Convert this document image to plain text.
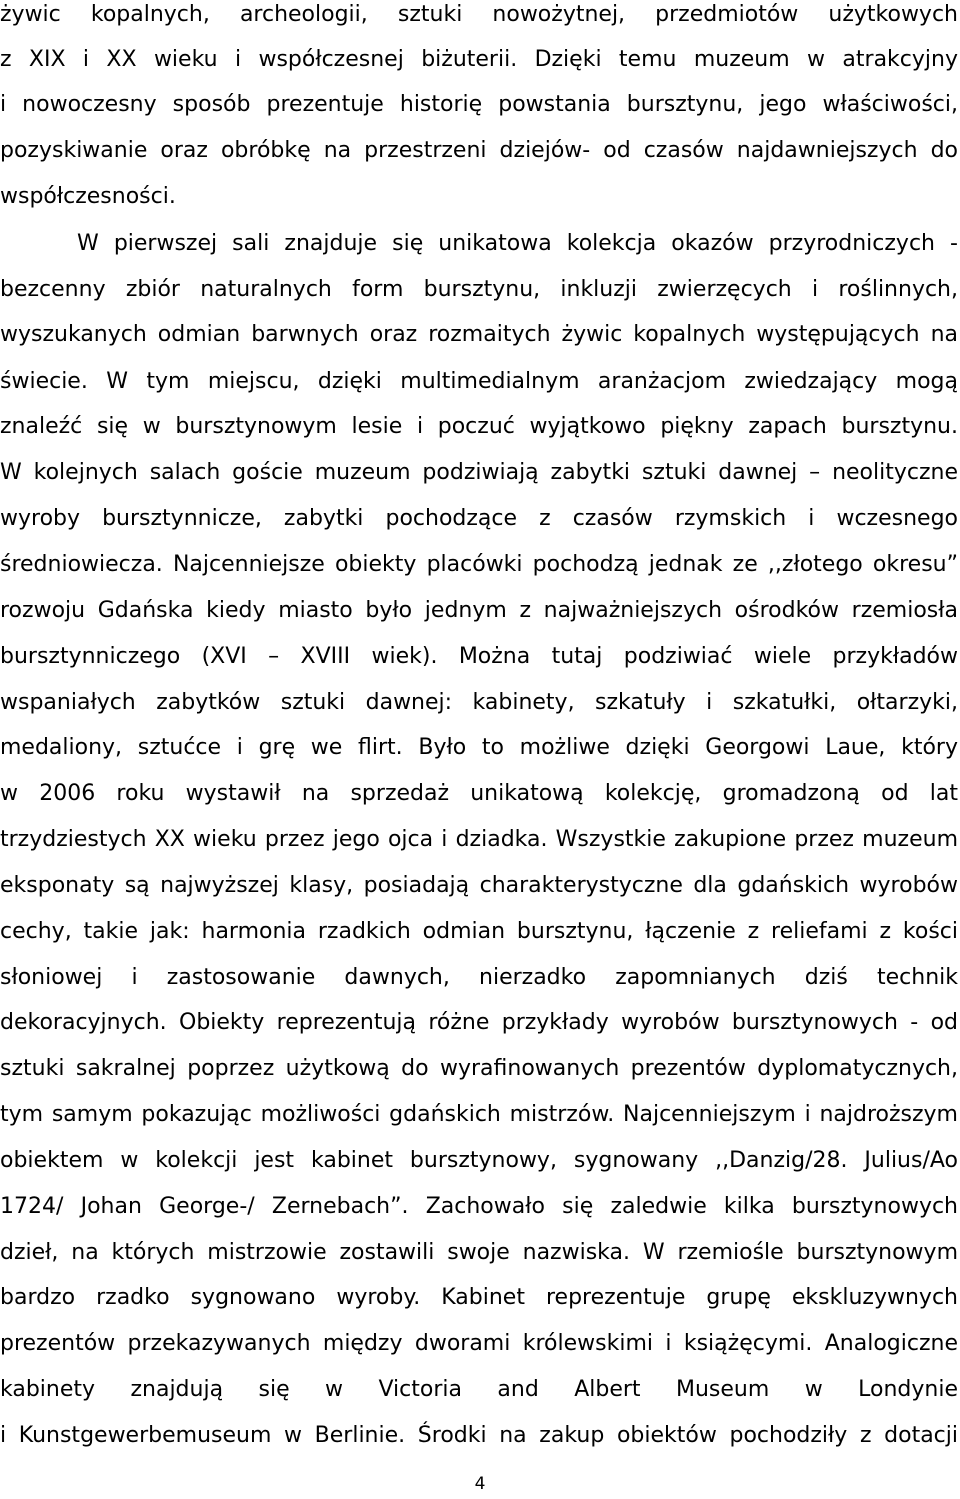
żywic kopalnych, archeologii, sztuki nowożytnej, przedmiotów użytkowych
z XIX i XX wieku i współczesnej biżuterii. Dzięki temu muzeum w atrakcyjny
i nowoczesny sposób prezentuje historię powstania bursztynu, jego właściwości,
pozyskiwanie oraz obróbkę na przestrzeni dziejów- od czasów najdawniejszych do
współczesności.
W pierwszej sali znajduje się unikatowa kolekcja okazów przyrodniczych -
bezcenny zbiór naturalnych form bursztynu, inkluzji zwierzęcych i roślinnych,
wyszukanych odmian barwnych oraz rozmaitych żywic kopalnych występujących na
świecie. W tym miejscu, dzięki multimedialnym aranżacjom zwiedzający mogą
znaleźć się w bursztynowym lesie i poczuć wyjątkowo piękny zapach bursztynu.
W kolejnych salach goście muzeum podziwiają zabytki sztuki dawnej – neolityczne
wyroby bursztynnicze, zabytki pochodzące z czasów rzymskich i wczesnego
średniowiecza. Najcenniejsze obiekty placówki pochodzą jednak ze ,,złotego okresu”
rozwoju Gdańska kiedy miasto było jednym z najważniejszych ośrodków rzemiosła
bursztynniczego (XVI – XVIII wiek). Można tutaj podziwiać wiele przykładów
wspaniałych zabytków sztuki dawnej: kabinety, szkatuły i szkatułki, ołtarzyki,
medaliony, sztućce i grę we flirt. Było to możliwe dzięki Georgowi Laue, który
w 2006 roku wystawił na sprzedaż unikatową kolekcję, gromadzoną od lat
trzydziestych XX wieku przez jego ojca i dziadka. Wszystkie zakupione przez muzeum
eksponaty są najwyższej klasy, posiadają charakterystyczne dla gdańskich wyrobów
cechy, takie jak: harmonia rzadkich odmian bursztynu, łączenie z reliefami z kości
słoniowej i zastosowanie dawnych, nierzadko zapomnianych dziś technik
dekoracyjnych. Obiekty reprezentują różne przykłady wyrobów bursztynowych - od
sztuki sakralnej poprzez użytkową do wyrafinowanych prezentów dyplomatycznych,
tym samym pokazując możliwości gdańskich mistrzów. Najcenniejszym i najdroższym
obiektem w kolekcji jest kabinet bursztynowy, sygnowany ,,Danzig/28. Julius/Ao
1724/ Johan George-/ Zernebach”. Zachowało się zaledwie kilka bursztynowych
dzieł, na których mistrzowie zostawili swoje nazwiska. W rzemiośle bursztynowym
bardzo rzadko sygnowano wyroby. Kabinet reprezentuje grupę ekskluzywnych
prezentów przekazywanych między dworami królewskimi i książęcymi. Analogiczne
kabinety znajdują się w Victoria and Albert Museum w Londynie
i Kunstgewerbemuseum w Berlinie. Środki na zakup obiektów pochodziły z dotacji
4
